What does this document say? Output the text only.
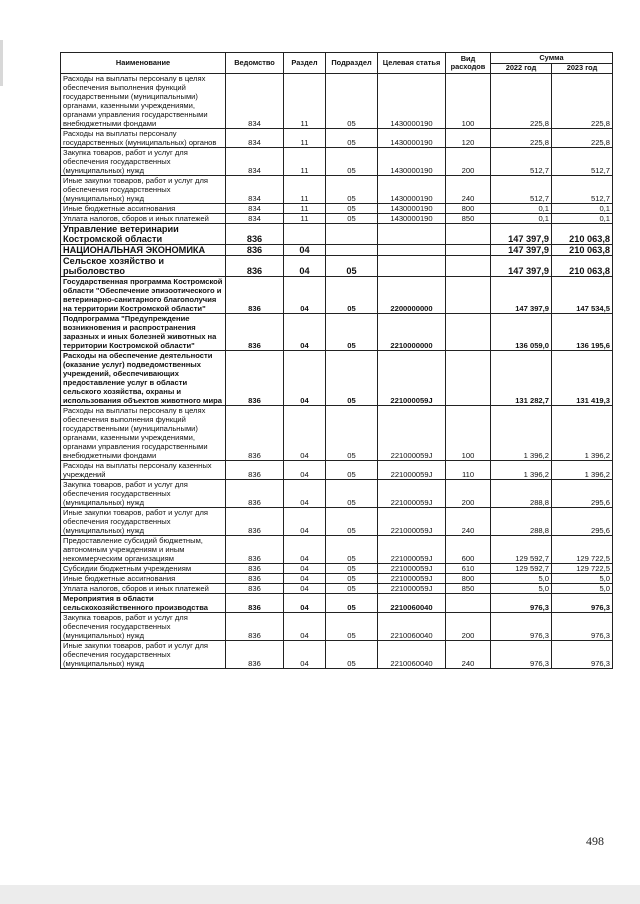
Наименование	Ведомство	Раздел	Подраздел	Целевая статья	Вид расходов	Сумма	
						2022 год	2023 год
Расходы на выплаты персоналу в целях обеспечения выполнения функций государственными (муниципальными) органами, казенными учреждениями, органами управления государственными внебюджетными фондами	834	11	05	1430000190	100	225,8	225,8
Расходы на выплаты персоналу государственных (муниципальных) органов	834	11	05	1430000190	120	225,8	225,8
Закупка товаров, работ и услуг для обеспечения государственных (муниципальных) нужд	834	11	05	1430000190	200	512,7	512,7
Иные закупки товаров, работ и услуг для обеспечения государственных (муниципальных) нужд	834	11	05	1430000190	240	512,7	512,7
Иные бюджетные ассигнования	834	11	05	1430000190	800	0,1	0,1
Уплата налогов, сборов и иных платежей	834	11	05	1430000190	850	0,1	0,1
Управление ветеринарии Костромской области	836					147 397,9	210 063,8
НАЦИОНАЛЬНАЯ ЭКОНОМИКА	836	04				147 397,9	210 063,8
Сельское хозяйство и рыболовство	836	04	05			147 397,9	210 063,8
Государственная программа Костромской области "Обеспечение эпизоотического и ветеринарно-санитарного благополучия на территории Костромской области"	836	04	05	2200000000		147 397,9	147 534,5
Подпрограмма "Предупреждение возникновения и распространения заразных и иных болезней животных на территории Костромской области"	836	04	05	2210000000		136 059,0	136 195,6
Расходы на обеспечение деятельности (оказание услуг) подведомственных учреждений, обеспечивающих предоставление услуг в области сельского хозяйства, охраны и использования объектов животного мира	836	04	05	221000059J		131 282,7	131 419,3
Расходы на выплаты персоналу в целях обеспечения выполнения функций государственными (муниципальными) органами, казенными учреждениями, органами управления государственными внебюджетными фондами	836	04	05	221000059J	100	1 396,2	1 396,2
Расходы на выплаты персоналу казенных учреждений	836	04	05	221000059J	110	1 396,2	1 396,2
Закупка товаров, работ и услуг для обеспечения государственных (муниципальных) нужд	836	04	05	221000059J	200	288,8	295,6
Иные закупки товаров, работ и услуг для обеспечения государственных (муниципальных) нужд	836	04	05	221000059J	240	288,8	295,6
Предоставление субсидий бюджетным, автономным учреждениям и иным некоммерческим организациям	836	04	05	221000059J	600	129 592,7	129 722,5
Субсидии бюджетным учреждениям	836	04	05	221000059J	610	129 592,7	129 722,5
Иные бюджетные ассигнования	836	04	05	221000059J	800	5,0	5,0
Уплата налогов, сборов и иных платежей	836	04	05	221000059J	850	5,0	5,0
Мероприятия в области сельскохозяйственного производства	836	04	05	2210060040		976,3	976,3
Закупка товаров, работ и услуг для обеспечения государственных (муниципальных) нужд	836	04	05	2210060040	200	976,3	976,3
Иные закупки товаров, работ и услуг для обеспечения государственных (муниципальных) нужд	836	04	05	2210060040	240	976,3	976,3
498
